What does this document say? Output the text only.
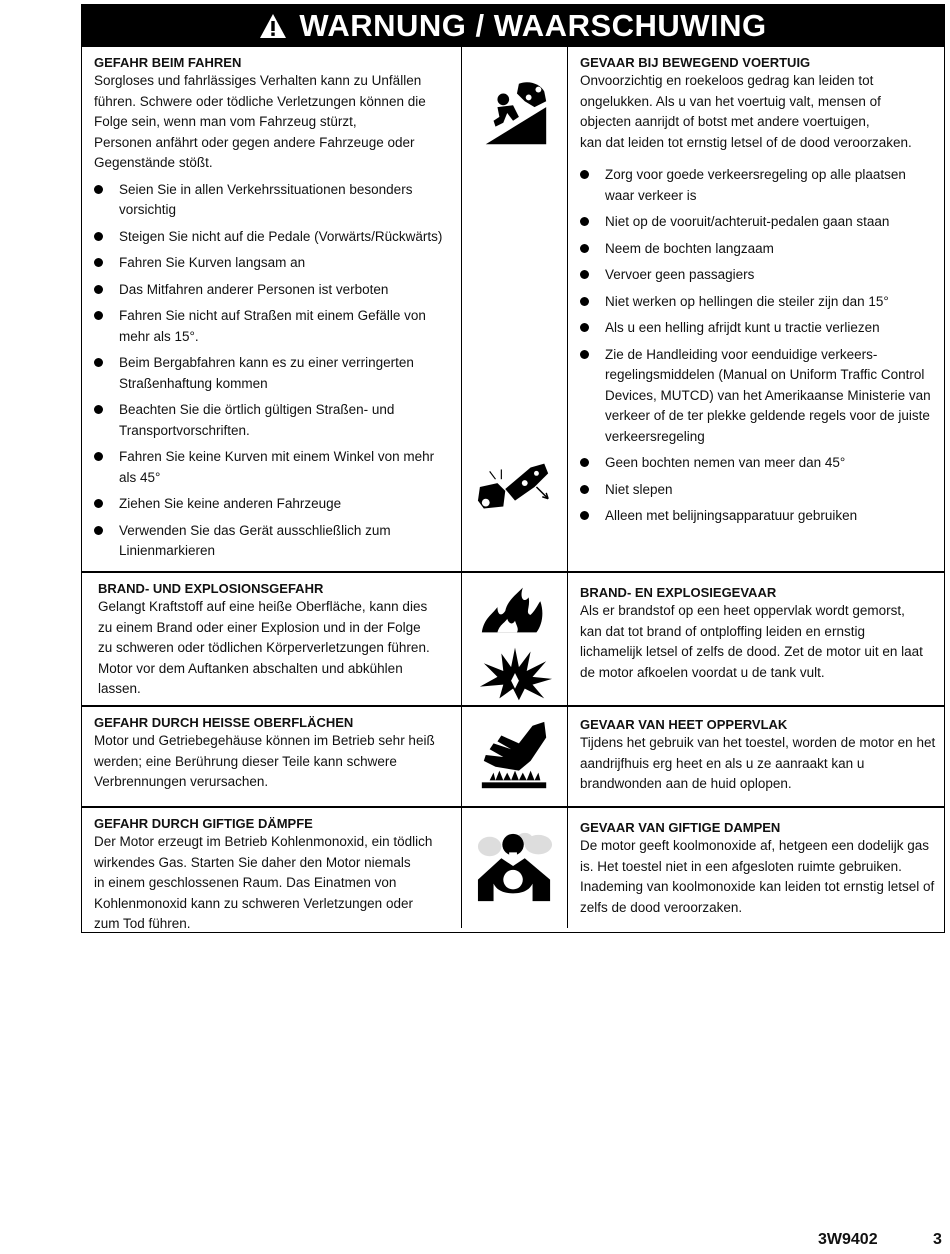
WARNUNG / WAARSCHUWING

GEFAHR BEIM FAHREN

Sorgloses und fahrlässiges Verhalten kann zu Unfällen
führen. Schwere oder tödliche Verletzungen können die
Folge sein, wenn man vom Fahrzeug stürzt,
Personen anfährt oder gegen andere Fahrzeuge oder
Gegenstände stößt.

Seien Sie in allen Verkehrssituationen besonders
vorsichtig
Steigen Sie nicht auf die Pedale (Vorwärts/Rückwärts)
Fahren Sie Kurven langsam an
Das Mitfahren anderer Personen ist verboten
Fahren Sie nicht auf Straßen mit einem Gefälle von
mehr als 15°.
Beim Bergabfahren kann es zu einer verringerten
Straßenhaftung kommen
Beachten Sie die örtlich gültigen Straßen- und
Transportvorschriften.
Fahren Sie keine Kurven mit einem Winkel von mehr
als 45°
Ziehen Sie keine anderen Fahrzeuge
Verwenden Sie das Gerät ausschließlich zum
Linienmarkieren

GEVAAR BIJ BEWEGEND VOERTUIG

Onvoorzichtig en roekeloos gedrag kan leiden tot
ongelukken. Als u van het voertuig valt, mensen of
objecten aanrijdt of botst met andere voertuigen,
kan dat leiden tot ernstig letsel of de dood veroorzaken.

Zorg voor goede verkeersregeling op alle plaatsen
waar verkeer is
Niet op de vooruit/achteruit-pedalen gaan staan
Neem de bochten langzaam
Vervoer geen passagiers
Niet werken op hellingen die steiler zijn dan 15°
Als u een helling afrijdt kunt u tractie verliezen
Zie de Handleiding voor eenduidige verkeers-
regelingsmiddelen (Manual on Uniform Traffic Control
Devices, MUTCD) van het Amerikaanse Ministerie van
verkeer of de ter plekke geldende regels voor de juiste
verkeersregeling
Geen bochten nemen van meer dan 45°
Niet slepen
Alleen met belijningsapparatuur gebruiken

BRAND- UND EXPLOSIONSGEFAHR

Gelangt Kraftstoff auf eine heiße Oberfläche, kann dies
zu einem Brand oder einer Explosion und in der Folge
zu schweren oder tödlichen Körperverletzungen führen.
Motor vor dem Auftanken abschalten und abkühlen
lassen.

BRAND- EN EXPLOSIEGEVAAR

Als er brandstof op een heet oppervlak wordt gemorst,
kan dat tot brand of ontploffing leiden en ernstig
lichamelijk letsel of zelfs de dood. Zet de motor uit en laat
de motor afkoelen voordat u de tank vult.

GEFAHR DURCH HEISSE OBERFLÄCHEN

Motor und Getriebegehäuse können im Betrieb sehr heiß
werden; eine Berührung dieser Teile kann schwere
Verbrennungen verursachen.

GEVAAR VAN HEET OPPERVLAK

Tijdens het gebruik van het toestel, worden de motor en het
aandrijfhuis erg heet en als u ze aanraakt kan u
brandwonden aan de huid oplopen.

GEFAHR DURCH GIFTIGE DÄMPFE

Der Motor erzeugt im Betrieb Kohlenmonoxid, ein tödlich
wirkendes Gas. Starten Sie daher den Motor niemals
in einem geschlossenen Raum. Das Einatmen von
Kohlenmonoxid kann zu schweren Verletzungen oder
zum Tod führen.

GEVAAR VAN GIFTIGE DAMPEN

De motor geeft koolmonoxide af, hetgeen een dodelijk gas
is. Het toestel niet in een afgesloten ruimte gebruiken.
Inademing van koolmonoxide kan leiden tot ernstig letsel of
zelfs de dood veroorzaken.

3W9402	3
